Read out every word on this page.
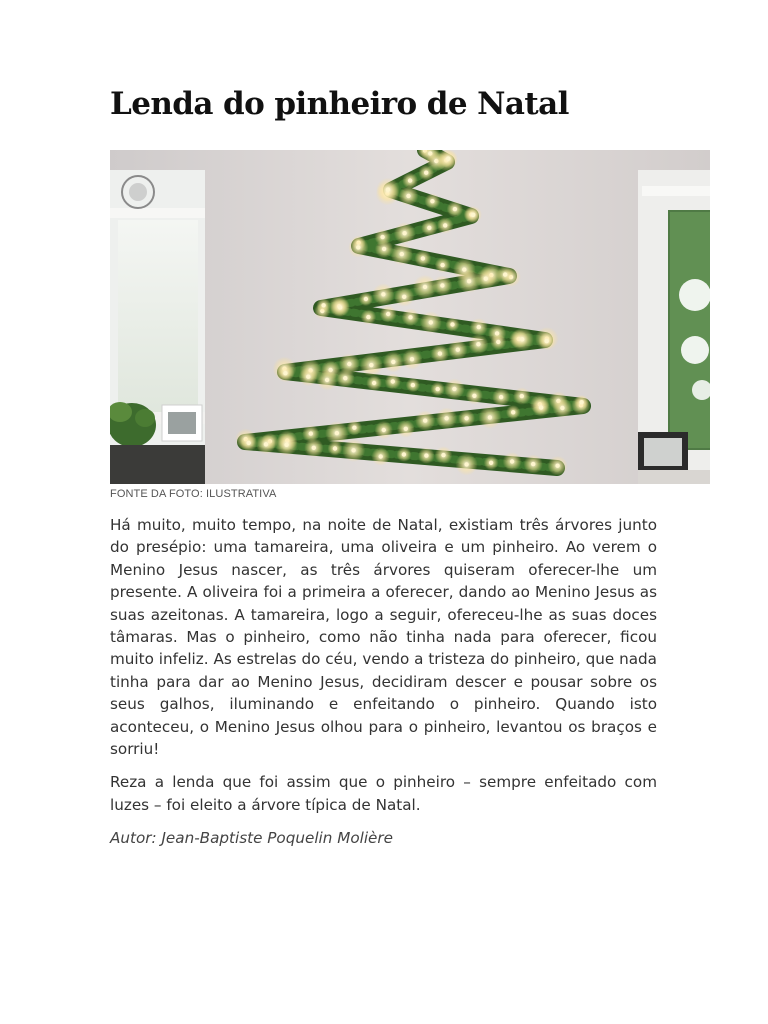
Lenda do pinheiro de Natal
FONTE DA FOTO: ILUSTRATIVA

Há muito, muito tempo, na noite de Natal, existiam três árvores junto do presépio: uma tamareira, uma oliveira e um pinheiro. Ao verem o Menino Jesus nascer, as três árvores quiseram oferecer-lhe um presente. A oliveira foi a primeira a oferecer, dando ao Menino Jesus as suas azeitonas. A tamareira, logo a seguir, ofereceu-lhe as suas doces tâmaras. Mas o pinheiro, como não tinha nada para oferecer, ficou muito infeliz. As estrelas do céu, vendo a tristeza do pinheiro, que nada tinha para dar ao Menino Jesus, decidiram descer e pousar sobre os seus galhos, iluminando e enfeitando o pinheiro. Quando isto aconteceu, o Menino Jesus olhou para o pinheiro, levantou os braços e sorriu!

Reza a lenda que foi assim que o pinheiro – sempre enfeitado com luzes – foi eleito a árvore típica de Natal.

Autor: Jean-Baptiste Poquelin Molière
